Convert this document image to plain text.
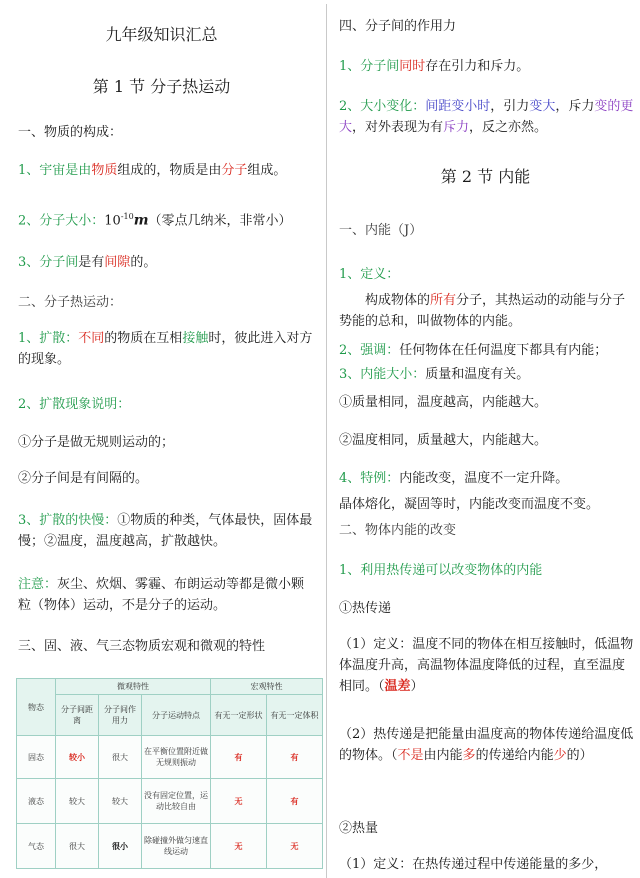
九年级知识汇总
第 1 节 分子热运动
一、物质的构成：
1、宇宙是由物质组成的，物质是由分子组成。
2、分子大小：$10^{-10}m$（零点几纳米，非常小）
3、分子间是有间隙的。
二、分子热运动：
1、扩散：不同的物质在互相接触时，彼此进入对方的现象。
2、扩散现象说明：
①分子是做无规则运动的；
②分子间是有间隔的。
3、扩散的快慢：①物质的种类，气体最快，固体最慢；②温度，温度越高，扩散越快。
注意：灰尘、炊烟、雾霾、布朗运动等都是微小颗粒（物体）运动，不是分子的运动。
三、固、液、气三态物质宏观和微观的特性
物态	微观特性			宏观特性	
	分子间距离	分子间作用力	分子运动特点	有无一定形状	有无一定体积
固态	较小	很大	在平衡位置附近做无规则振动	有	有
液态	较大	较大	没有固定位置，运动比较自由	无	有
气态	很大	很小	除碰撞外做匀速直线运动	无	无
四、分子间的作用力
1、分子间同时存在引力和斥力。
2、大小变化：间距变小时，引力变大，斥力变的更大，对外表现为有斥力，反之亦然。
第 2 节 内能
一、内能（J）
1、定义：
构成物体的所有分子，其热运动的动能与分子势能的总和，叫做物体的内能。
2、强调：任何物体在任何温度下都具有内能；
3、内能大小：质量和温度有关。
①质量相同，温度越高，内能越大。
②温度相同，质量越大，内能越大。
4、特例：内能改变，温度不一定升降。
晶体熔化，凝固等时，内能改变而温度不变。
二、物体内能的改变
1、利用热传递可以改变物体的内能
①热传递
（1）定义：温度不同的物体在相互接触时，低温物体温度升高，高温物体温度降低的过程，直至温度相同。（温差）
（2）热传递是把能量由温度高的物体传递给温度低的物体。（不是由内能多的传递给内能少的）
②热量
（1）定义：在热传递过程中传递能量的多少，
